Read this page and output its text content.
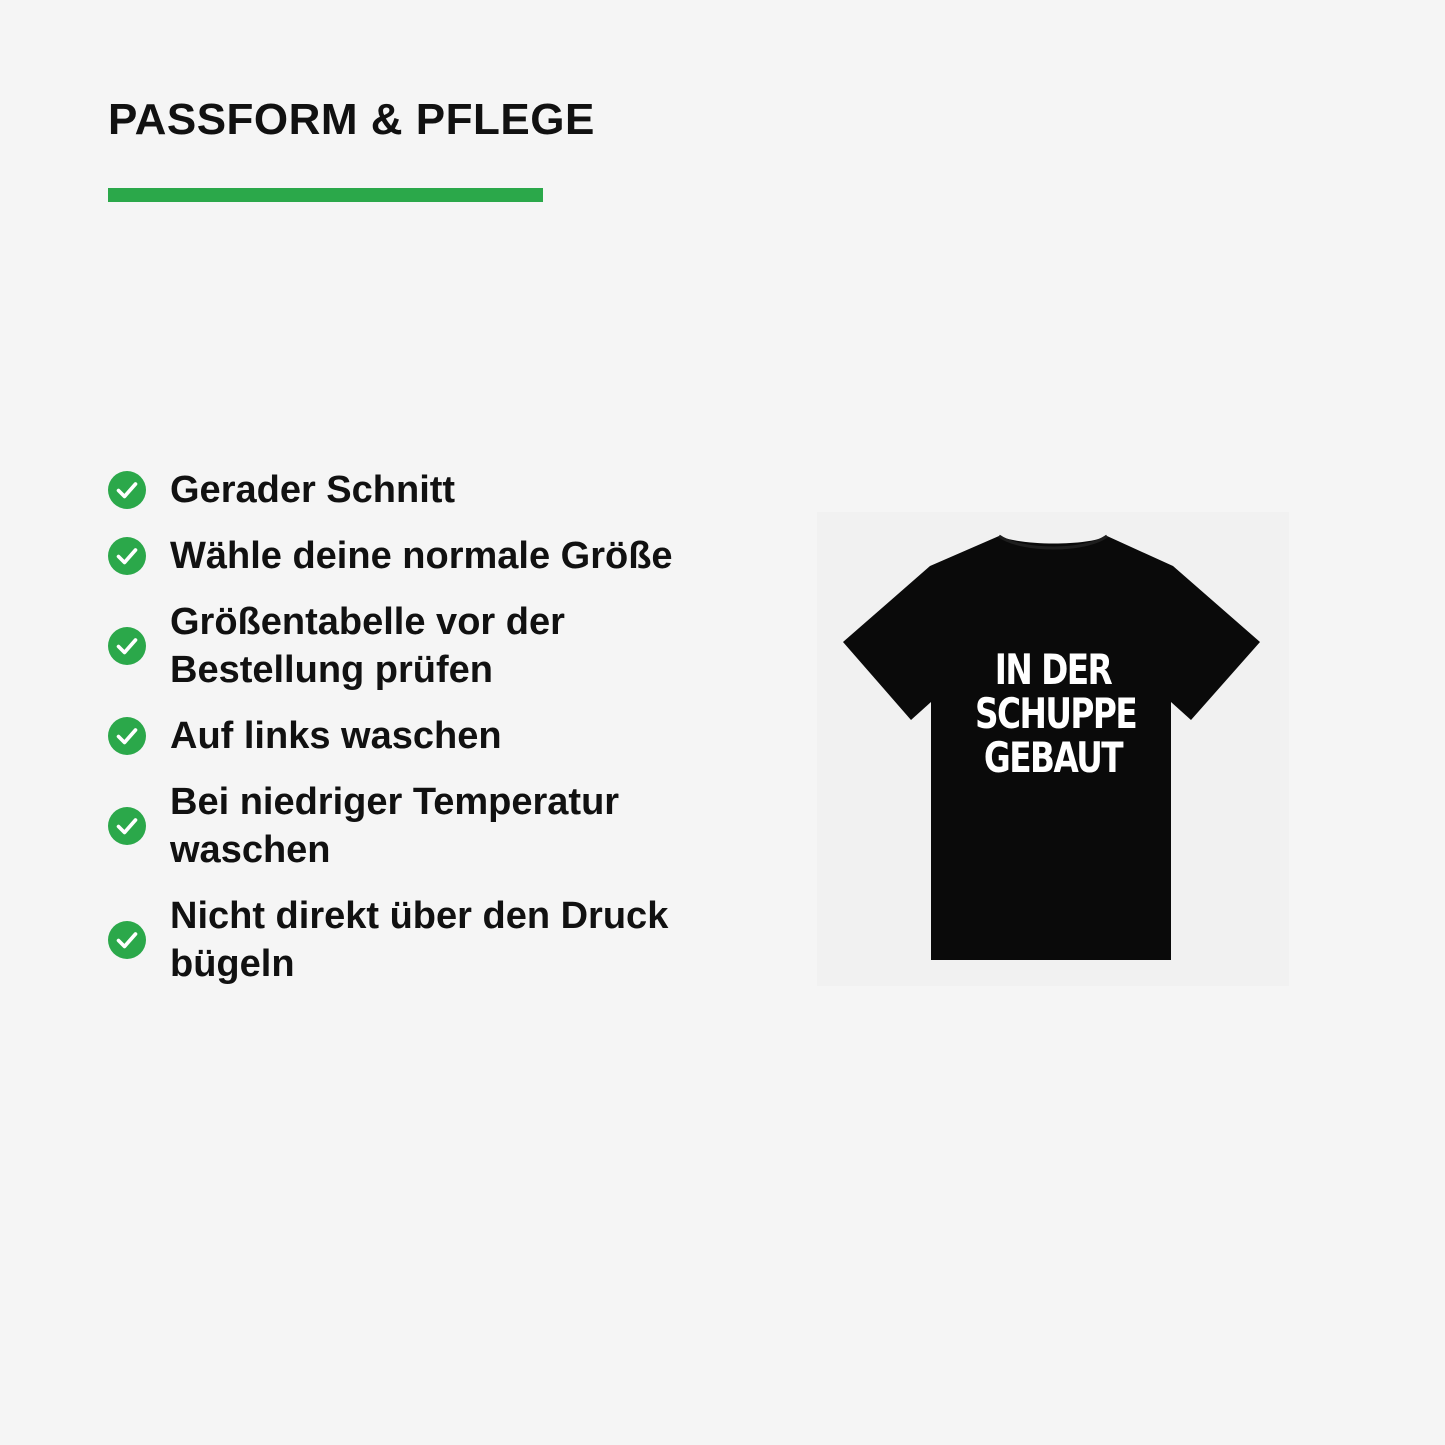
PASSFORM & PFLEGE
Gerader Schnitt
Wähle deine normale Größe
Größentabelle vor der Bestellung prüfen
Auf links waschen
Bei niedriger Temperatur waschen
Nicht direkt über den Druck bügeln
IN DER
SCHUPPE
GEBAUT
